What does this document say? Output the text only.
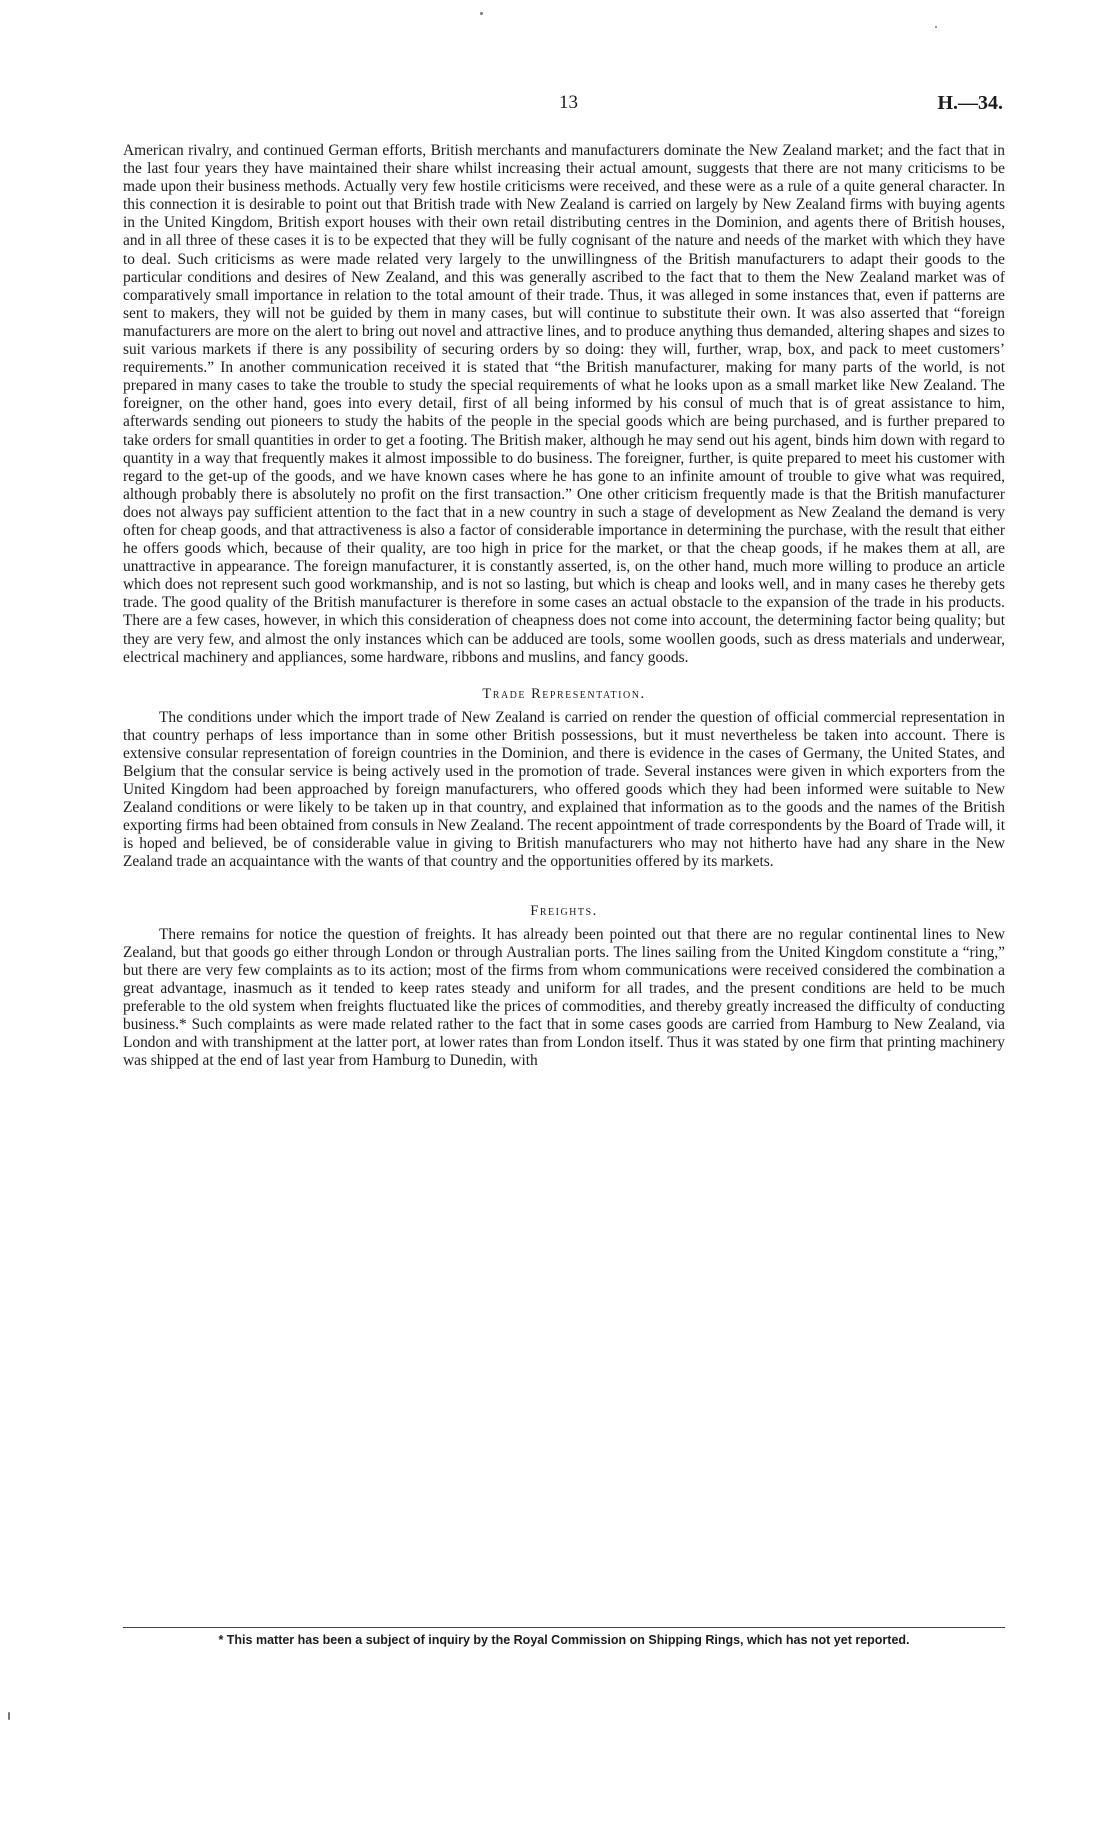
13	H.—34.

American rivalry, and continued German efforts, British merchants and manufacturers dominate the New Zealand market; and the fact that in the last four years they have maintained their share whilst increasing their actual amount, suggests that there are not many criticisms to be made upon their business methods. Actually very few hostile criticisms were received, and these were as a rule of a quite general character. In this connection it is desirable to point out that British trade with New Zealand is carried on largely by New Zealand firms with buying agents in the United Kingdom, British export houses with their own retail distributing centres in the Dominion, and agents there of British houses, and in all three of these cases it is to be expected that they will be fully cognisant of the nature and needs of the market with which they have to deal. Such criticisms as were made related very largely to the unwillingness of the British manufacturers to adapt their goods to the particular conditions and desires of New Zealand, and this was generally ascribed to the fact that to them the New Zealand market was of comparatively small importance in relation to the total amount of their trade. Thus, it was alleged in some instances that, even if patterns are sent to makers, they will not be guided by them in many cases, but will continue to substitute their own. It was also asserted that “foreign manufacturers are more on the alert to bring out novel and attractive lines, and to produce anything thus demanded, altering shapes and sizes to suit various markets if there is any possibility of securing orders by so doing: they will, further, wrap, box, and pack to meet customers’ requirements.” In another communication received it is stated that “the British manufacturer, making for many parts of the world, is not prepared in many cases to take the trouble to study the special requirements of what he looks upon as a small market like New Zealand. The foreigner, on the other hand, goes into every detail, first of all being informed by his consul of much that is of great assistance to him, afterwards sending out pioneers to study the habits of the people in the special goods which are being purchased, and is further prepared to take orders for small quantities in order to get a footing. The British maker, although he may send out his agent, binds him down with regard to quantity in a way that frequently makes it almost impossible to do business. The foreigner, further, is quite prepared to meet his customer with regard to the get-up of the goods, and we have known cases where he has gone to an infinite amount of trouble to give what was required, although probably there is absolutely no profit on the first transaction.” One other criticism frequently made is that the British manufacturer does not always pay sufficient attention to the fact that in a new country in such a stage of development as New Zealand the demand is very often for cheap goods, and that attractiveness is also a factor of considerable importance in determining the purchase, with the result that either he offers goods which, because of their quality, are too high in price for the market, or that the cheap goods, if he makes them at all, are unattractive in appearance. The foreign manufacturer, it is constantly asserted, is, on the other hand, much more willing to produce an article which does not represent such good workmanship, and is not so lasting, but which is cheap and looks well, and in many cases he thereby gets trade. The good quality of the British manufacturer is therefore in some cases an actual obstacle to the expansion of the trade in his products. There are a few cases, however, in which this consideration of cheapness does not come into account, the determining factor being quality; but they are very few, and almost the only instances which can be adduced are tools, some woollen goods, such as dress materials and underwear, electrical machinery and appliances, some hardware, ribbons and muslins, and fancy goods.

Trade Representation.

The conditions under which the import trade of New Zealand is carried on render the question of official commercial representation in that country perhaps of less importance than in some other British possessions, but it must nevertheless be taken into account. There is extensive consular representation of foreign countries in the Dominion, and there is evidence in the cases of Germany, the United States, and Belgium that the consular service is being actively used in the promotion of trade. Several instances were given in which exporters from the United Kingdom had been approached by foreign manufacturers, who offered goods which they had been informed were suitable to New Zealand conditions or were likely to be taken up in that country, and explained that information as to the goods and the names of the British exporting firms had been obtained from consuls in New Zealand. The recent appointment of trade correspondents by the Board of Trade will, it is hoped and believed, be of considerable value in giving to British manufacturers who may not hitherto have had any share in the New Zealand trade an acquaintance with the wants of that country and the opportunities offered by its markets.

Freights.

There remains for notice the question of freights. It has already been pointed out that there are no regular continental lines to New Zealand, but that goods go either through London or through Australian ports. The lines sailing from the United Kingdom constitute a “ring,” but there are very few complaints as to its action; most of the firms from whom communications were received considered the combination a great advantage, inasmuch as it tended to keep rates steady and uniform for all trades, and the present conditions are held to be much preferable to the old system when freights fluctuated like the prices of commodities, and thereby greatly increased the difficulty of conducting business.* Such complaints as were made related rather to the fact that in some cases goods are carried from Hamburg to New Zealand, via London and with transhipment at the latter port, at lower rates than from London itself. Thus it was stated by one firm that printing machinery was shipped at the end of last year from Hamburg to Dunedin, with

* This matter has been a subject of inquiry by the Royal Commission on Shipping Rings, which has not yet reported.
